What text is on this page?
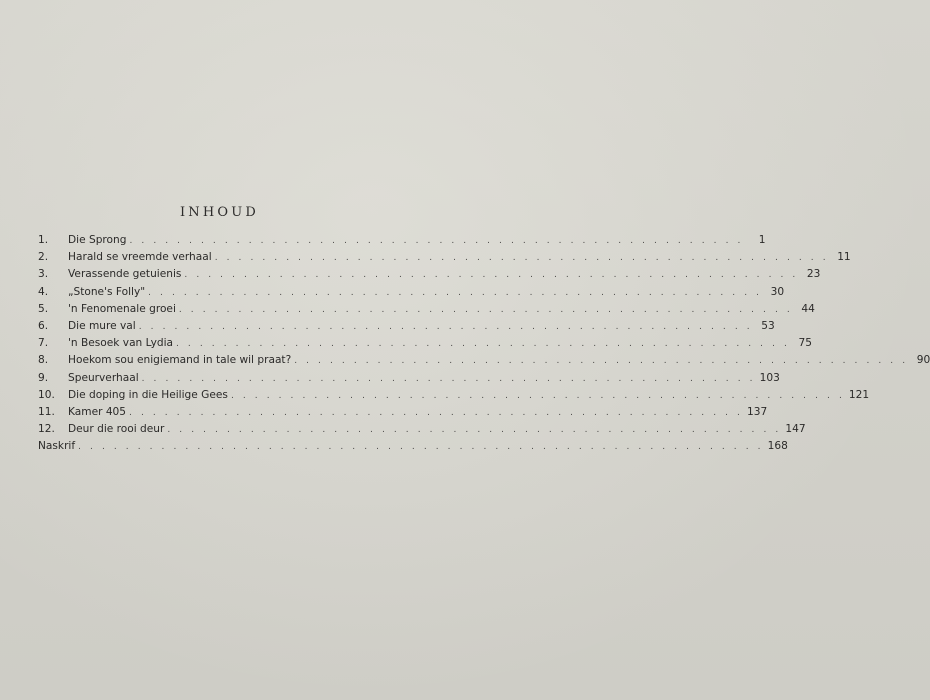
INHOUD
1.	Die Sprong . . . . . . . . . . . . . . . . . . . . . . . . . . . . . . . . . . . . . . . . . . . . . . . . . . . .	1
2.	Harald se vreemde verhaal . . . . . . . . . . . . . . . . . . . . . . . . . . . . . . . . . . . . . . . . . . . . . . . . . . . . 11
3.	Verassende getuienis . . . . . . . . . . . . . . . . . . . . . . . . . . . . . . . . . . . . . . . . . . . . . . . . . . . . 23
4.	„Stone's Folly" . . . . . . . . . . . . . . . . . . . . . . . . . . . . . . . . . . . . . . . . . . . . . . . . . . . . 30
5.	'n Fenomenale groei . . . . . . . . . . . . . . . . . . . . . . . . . . . . . . . . . . . . . . . . . . . . . . . . . . . . 44
6.	Die mure val . . . . . . . . . . . . . . . . . . . . . . . . . . . . . . . . . . . . . . . . . . . . . . . . . . . . 53
7.	'n Besoek van Lydia . . . . . . . . . . . . . . . . . . . . . . . . . . . . . . . . . . . . . . . . . . . . . . . . . . . . 75
8.	Hoekom sou enigiemand in tale wil praat? . . . . . . . . . . . . . . . . . . . . . . . . . . . . . . . . . . . . . . . . . . . . . . . . . . . . 90
9.	Speurverhaal . . . . . . . . . . . . . . . . . . . . . . . . . . . . . . . . . . . . . . . . . . . . . . . . . . . . 103
10.	Die doping in die Heilige Gees . . . . . . . . . . . . . . . . . . . . . . . . . . . . . . . . . . . . . . . . . . . . . . . . . . . . 121
11.	Kamer 405 . . . . . . . . . . . . . . . . . . . . . . . . . . . . . . . . . . . . . . . . . . . . . . . . . . . . 137
12.	Deur die rooi deur . . . . . . . . . . . . . . . . . . . . . . . . . . . . . . . . . . . . . . . . . . . . . . . . . . . . 147
Naskrif . . . . . . . . . . . . . . . . . . . . . . . . . . . . . . . . . . . . . . . . . . . . . . . . . . . . . . . . . . 168
